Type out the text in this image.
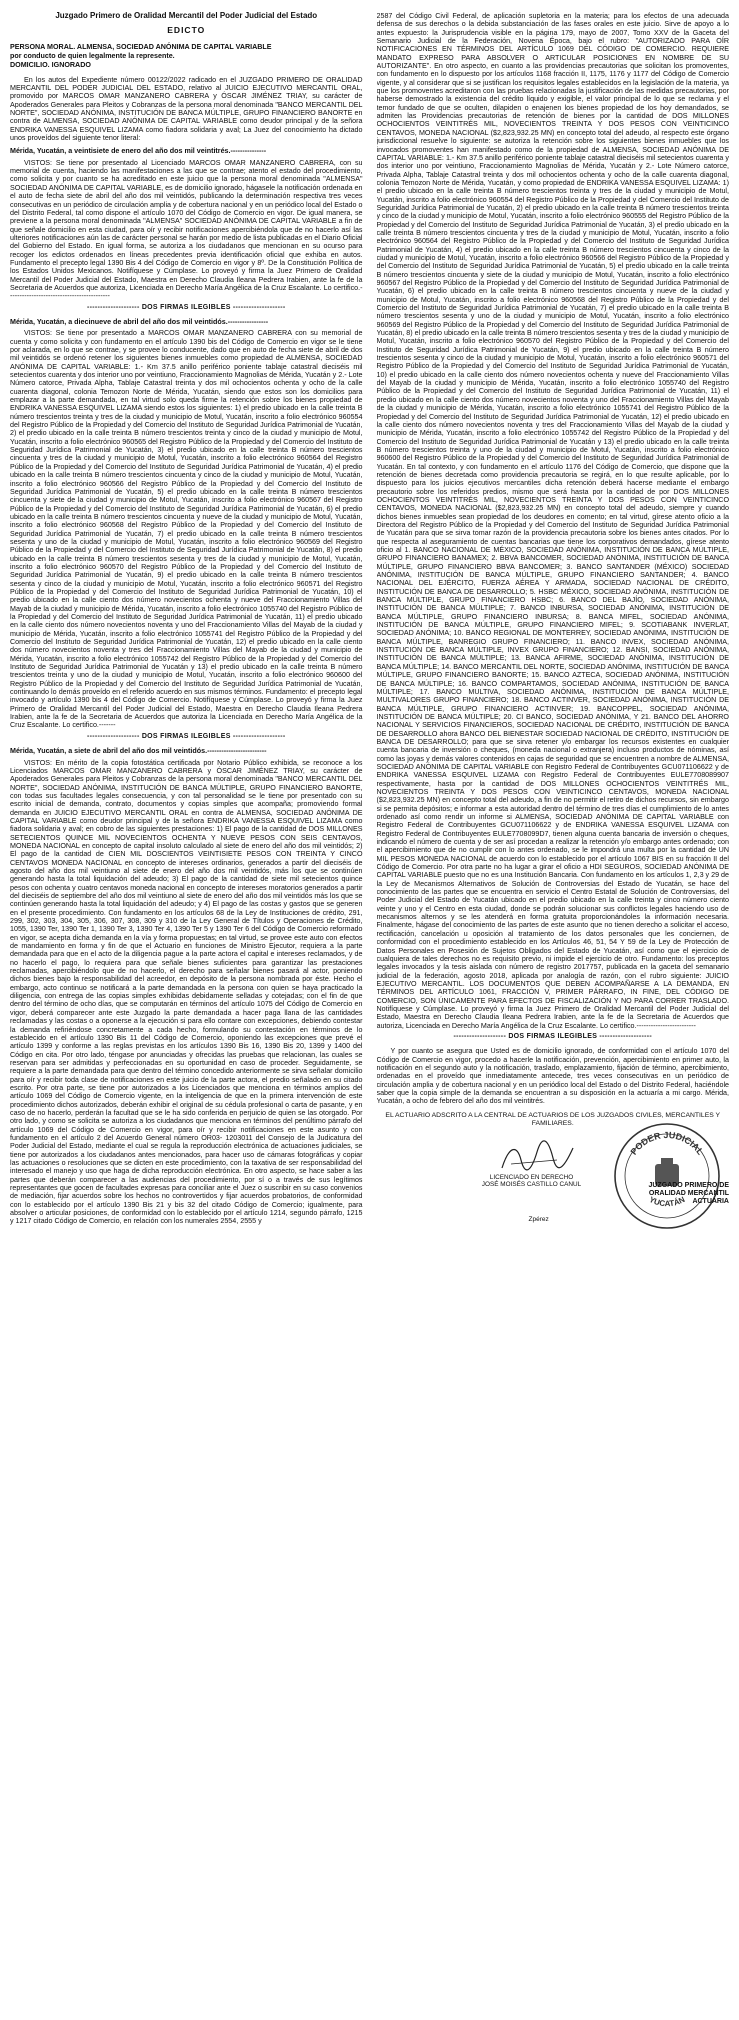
Juzgado Primero de Oralidad Mercantil del Poder Judicial del Estado
EDICTO
PERSONA MORAL. ALMENSA, SOCIEDAD ANÓNIMA DE CAPITAL VARIABLE
por conducto de quien legalmente la represente.
DOMICILIO. IGNORADO

En los autos del Expediente número 00122/2022 radicado en el JUZGADO PRIMERO DE ORALIDAD MERCANTIL DEL PODER JUDICIAL DEL ESTADO, relativo al JUICIO EJECUTIVO MERCANTIL ORAL, promovido por MARCOS OMAR MANZANERO CABRERA y ÓSCAR JIMÉNEZ TRIAY, su carácter de Apoderados Generales para Pleitos y Cobranzas de la persona moral denominada "BANCO MERCANTIL DEL NORTE", SOCIEDAD ANÓNIMA, INSTITUCIÓN DE BANCA MÚLTIPLE, GRUPO FINANCIERO BANORTE en contra de ALMENSA, SOCIEDAD ANÓNIMA DE CAPITAL VARIABLE como deudor principal y de la señora ENDRIKA VANESSA ESQUIVEL LIZAMA como fiadora solidaria y aval; La Juez del conocimiento ha dictado unos proveídos del siguiente tenor literal:

Mérida, Yucatán, a veintisiete de enero del año dos mil veintitrés.---------------

VISTOS: Se tiene por presentado al Licenciado MARCOS OMAR MANZANERO CABRERA, con su memorial de cuenta, haciendo las manifestaciones a las que se contrae; atento el estado del procedimiento, como solicita y por cuanto se ha acreditado en este juicio que la persona moral denominada "ALMENSA" SOCIEDAD ANÓNIMA DE CAPITAL VARIABLE, es de domicilio ignorado, hágasele la notificación ordenada en el auto de fecha siete de abril del año dos mil veintidós, publicando la determinación respectiva tres veces consecutivas en un periódico de circulación amplia y de cobertura nacional y en un periódico local del Estado o del Distrito Federal, tal como dispone el artículo 1070 del Código de Comercio en vigor. De igual manera, se previene a la persona moral denominada "ALMENSA" SOCIEDAD ANÓNIMA DE CAPITAL VARIABLE a fin de que señale domicilio en esta ciudad, para oír y recibir notificaciones apercibiéndola que de no hacerlo así las ulteriores notificaciones aún las de carácter personal se harán por medio de lista publicadas en el Diario Oficial del Gobierno del Estado. En igual forma, se autoriza a los ciudadanos que mencionan en su ocurso para recoger los edictos ordenados en líneas precedentes previa identificación oficial que exhiba en autos. Fundamento el precepto legal 1390 Bis 4 del Código de Comercio en vigor y 8º. De la Constitución Política de los Estados Unidos Mexicanos. Notifíquese y Cúmplase. Lo proveyó y firma la Juez Primero de Oralidad Mercantil del Poder Judicial del Estado, Maestra en Derecho Claudia Ileana Pedrera Irabien, ante la fe de la Secretaria de Acuerdos que autoriza, Licenciada en Derecho María Angélica de la Cruz Escalante. Lo certifico.-------------------------------------------

-------------------- DOS FIRMAS ILEGIBLES --------------------

Mérida, Yucatán, a diecinueve de abril del año dos mil veintidós.-----------------

VISTOS: Se tiene por presentado a MARCOS OMAR MANZANERO CABRERA con su memorial de cuenta y como solicita y con fundamento en el artículo 1390 bis del Código de Comercio en vigor se le tiene por aclarada, en lo que se contrae, y se provee lo conducente, dado que en auto de fecha siete de abril de dos mil veintidós se ordenó retener los siguientes bienes inmuebles como propiedad de ALMENSA, SOCIEDAD ANÓNIMA DE CAPITAL VARIABLE: 1.- Km 37.5 anillo periférico poniente tablaje catastral dieciséis mil setecientos cuarenta y dos interior uno por veintiuno, Fraccionamiento Magnolias de Mérida, Yucatán y 2.- Lote Número catorce, Privada Alpha, Tablaje Catastral treinta y dos mil ochocientos ochenta y ocho de la calle cuarenta diagonal, colonia Temozon Norte de Mérida, Yucatán, siendo que estos son los domicilios para emplazar a la parte demandada, en tal virtud solo queda firme la retención sobre los bienes propiedad de ENDRIKA VANESSA ESQUIVEL LIZAMA siendo estos los siguientes: 1) el predio ubicado en la calle treinta B número trescientos treinta y tres de la ciudad y municipio de Motul, Yucatán, inscrito a folio electrónico 960554 del Registro Público de la Propiedad y del Comercio del Instituto de Seguridad Jurídica Patrimonial de Yucatán, 2) el predio ubicado en la calle treinta B número trescientos treinta y cinco de la ciudad y municipio de Motul, Yucatán, inscrito a folio electrónico 960565 del Registro Público de la Propiedad y del Comercio del Instituto de Seguridad Jurídica Patrimonial de Yucatán, 3) el predio ubicado en la calle treinta B número trescientos cincuenta y tres de la ciudad y municipio de Motul, Yucatán, inscrito a folio electrónico 960564 del Registro Público de la Propiedad y del Comercio del Instituto de Seguridad Jurídica Patrimonial de Yucatán, 4) el predio ubicado en la calle treinta B número trescientos cincuenta y cinco de la ciudad y municipio de Motul, Yucatán, inscrito a folio electrónico 960566 del Registro Público de la Propiedad y del Comercio del Instituto de Seguridad Jurídica Patrimonial de Yucatán, 5) el predio ubicado en la calle treinta B número trescientos cincuenta y siete de la ciudad y municipio de Motul, Yucatán, inscrito a folio electrónico 960567 del Registro Público de la Propiedad y del Comercio del Instituto de Seguridad Jurídica Patrimonial de Yucatán, 6) el predio ubicado en la calle treinta B número trescientos cincuenta y nueve de la ciudad y municipio de Motul, Yucatán, inscrito a folio electrónico 960568 del Registro Público de la Propiedad y del Comercio del Instituto de Seguridad Jurídica Patrimonial de Yucatán, 7) el predio ubicado en la calle treinta B número trescientos sesenta y uno de la ciudad y municipio de Motul, Yucatán, inscrito a folio electrónico 960569 del Registro Público de la Propiedad y del Comercio del Instituto de Seguridad Jurídica Patrimonial de Yucatán, 8) el predio ubicado en la calle treinta B número trescientos sesenta y tres de la ciudad y municipio de Motul, Yucatán, inscrito a folio electrónico 960570 del Registro Público de la Propiedad y del Comercio del Instituto de Seguridad Jurídica Patrimonial de Yucatán, 9) el predio ubicado en la calle treinta B número trescientos sesenta y cinco de la ciudad y municipio de Motul, Yucatán, inscrito a folio electrónico 960571 del Registro Público de la Propiedad y del Comercio del Instituto de Seguridad Jurídica Patrimonial de Yucatán, 10) el predio ubicado en la calle ciento dos número novecientos ochenta y nueve del Fraccionamiento Villas del Mayab de la ciudad y municipio de Mérida, Yucatán, inscrito a folio electrónico 1055740 del Registro Público de la Propiedad y del Comercio del Instituto de Seguridad Jurídica Patrimonial de Yucatán, 11) el predio ubicado en la calle ciento dos número novecientos noventa y uno del Fraccionamiento Villas del Mayab de la ciudad y municipio de Mérida, Yucatán, inscrito a folio electrónico 1055741 del Registro Público de la Propiedad y del Comercio del Instituto de Seguridad Jurídica Patrimonial de Yucatán, 12) el predio ubicado en la calle ciento dos número novecientos noventa y tres del Fraccionamiento Villas del Mayab de la ciudad y municipio de Mérida, Yucatán, inscrito a folio electrónico 1055742 del Registro Público de la Propiedad y del Comercio del Instituto de Seguridad Jurídica Patrimonial de Yucatán y 13) el predio ubicado en la calle treinta B número trescientos treinta y uno de la ciudad y municipio de Motul, Yucatán, inscrito a folio electrónico 960600 del Registro Público de la Propiedad y del Comercio del Instituto de Seguridad Jurídica Patrimonial de Yucatán, continuando lo demás proveído en el referido acuerdo en sus mismos términos. Fundamento: el precepto legal invocado y artículo 1390 bis 4 del Código de Comercio. Notifíquese y Cúmplase. Lo proveyó y firma la Juez Primero de Oralidad Mercantil del Poder Judicial del Estado, Maestra en Derecho Claudia Ileana Pedrera Irabien, ante la fe de la Secretaria de Acuerdos que autoriza la Licenciada en Derecho María Angélica de la Cruz Escalante. Lo certifico.-------

-------------------- DOS FIRMAS ILEGIBLES --------------------

Mérida, Yucatán, a siete de abril del año dos mil veintidós.-------------------------

VISTOS: En mérito de la copia fotostática certificada por Notario Público exhibida, se reconoce a los Licenciados MARCOS OMAR MANZANERO CABRERA y ÓSCAR JIMÉNEZ TRIAY, su carácter de Apoderados Generales para Pleitos y Cobranzas de la persona moral denominada "BANCO MERCANTIL DEL NORTE", SOCIEDAD ANÓNIMA, INSTITUCIÓN DE BANCA MÚLTIPLE, GRUPO FINANCIERO BANORTE, con todas sus facultades legales consecuencia, y con tal personalidad se le tiene por presentado con su escrito inicial de demanda, contrato, documentos y copias simples que acompaña; promoviendo formal demanda en JUICIO EJECUTIVO MERCANTIL ORAL en contra de ALMENSA, SOCIEDAD ANÓNIMA DE CAPITAL VARIABLE como deudor principal y de la señora ENDRIKA VANESSA ESQUIVEL LIZAMA como fiadora solidaria y aval; en cobro de las siguientes prestaciones: 1) El pago de la cantidad de DOS MILLONES SETECIENTOS QUINCE MIL NOVECIENTOS OCHENTA Y NUEVE PESOS CON SEIS CENTAVOS, MONEDA NACIONAL en concepto de capital insoluto calculado al siete de enero del año dos mil veintidós; 2) El pago de la cantidad de CIEN MIL DOSCIENTOS VEINTISIETE PESOS CON TREINTA Y CINCO CENTAVOS MONEDA NACIONAL en concepto de intereses ordinarios, generados a partir del dieciséis de agosto del año dos mil veintiuno al siete de enero del año dos mil veintidós, más los que se continúen generando hasta la total liquidación del adeudo; 3) El pago de la cantidad de siete mil setecientos quince pesos con ochenta y cuatro centavos moneda nacional en concepto de intereses moratorios generados a partir del dieciséis de septiembre del año dos mil veintiuno al siete de enero del año dos mil veintidós más los que se continúen generando hasta la total liquidación del adeudo; y 4) El pago de las costas y gastos que se generen en el presente procedimiento. Con fundamento en los artículos 68 de la Ley de Instituciones de crédito, 291, 299, 302, 303, 304, 305, 306, 307, 308, 309 y 310 de la Ley General de Títulos y Operaciones de Crédito, 1055, 1390 Ter, 1390 Ter 1, 1390 Ter 3, 1390 Ter 4, 1390 Ter 5 y 1390 Ter 6 del Código de Comercio reformado en vigor, se acepta dicha demanda en la vía y forma propuestas; en tal virtud, se provee este auto con efectos de mandamiento en forma y fin de que el Actuario en funciones de Ministro Ejecutor, requiera a la parte demandada para que en el acto de la diligencia pague a la parte actora el capital e intereses reclamados, y de no hacerlo el pago, lo requiera para que señale bienes suficientes para garantizar las prestaciones reclamadas, apercibiéndolo que de no hacerlo, el derecho para señalar bienes pasará al actor, poniendo dichos bienes bajo la responsabilidad del acreedor, en depósito de la persona nombrada por éste. Hecho el embargo, acto continuo se notificará a la parte demandada en la persona con quien se haya practicado la diligencia, con entrega de las copias simples exhibidas debidamente selladas y cotejadas; con el fin de que dentro del término de ocho días, que se computarán en términos del artículo 1075 del Código de Comercio en vigor, deberá comparecer ante este Juzgado la parte demandada a hacer paga llana de las cantidades reclamadas y las costas o a oponerse a la ejecución si para ello contare con excepciones, debiendo contestar la demanda refiriéndose concretamente a cada hecho, formulando su contestación en términos de lo establecido en el artículo 1390 Bis 11 del Código de Comercio, oponiendo las excepciones que prevé el artículo 1399 y conforme a las reglas previstas en los artículos 1390 Bis 16, 1390 Bis 20, 1399 y 1400 del Código en cita. Por otro lado, téngase por anunciadas y ofrecidas las pruebas que relacionan, las cuales se reservan para ser admitidas y perfeccionadas en su oportunidad en caso de proceder. Seguidamente, se requiere a la parte demandada para que dentro del término concedido anteriormente se sirva señalar domicilio para oír y recibir toda clase de notificaciones en este juicio de la parte actora, el predio señalado en su citado escrito. Por otra parte, se tiene por autorizados a los Licenciados que menciona en términos amplios del artículo 1069 del Código de Comercio vigente, en la inteligencia de que en la primera intervención de este procedimiento dichos autorizados, deberán exhibir el original de su cédula profesional o carta de pasante, y en caso de no hacerlo, perderán la facultad que se le ha sido conferida en perjuicio de quien se las otorgado. Por otro lado, y como se solicita se autoriza a los ciudadanos que menciona en términos del penúltimo párrafo del artículo 1069 del Código de Comercio en vigor, para oír y recibir notificaciones en este asunto y con fundamento en el artículo 2 del Acuerdo General número OR03- 1203011 del Consejo de la Judicatura del Poder Judicial del Estado, mediante el cual se regula la reproducción electrónica de actuaciones judiciales, se tiene por autorizados a los ciudadanos antes mencionados, para hacer uso de cámaras fotográficas y copiar las actuaciones o resoluciones que se dicten en este procedimiento, con la taxativa de ser responsabilidad del interesado el manejo y uso que haga de dicha reproducción electrónica. En otro aspecto, se hace saber a las partes que deberán comparecer a las audiencias del procedimiento, por sí o a través de sus legítimos representantes que gocen de facultades expresas para conciliar ante el Juez o suscribir en su caso convenios de mediación, fijar acuerdos sobre los hechos no controvertidos y fijar acuerdos probatorios, de conformidad con lo establecido por el artículo 1390 Bis 21 y bis 32 del citado Código de Comercio; igualmente, para absolver o articular posiciones, de conformidad con lo establecido por el artículo 1214, segundo párrafo, 1215 y 1217 citado Código de Comercio, en relación con los numerales 2554, 2555 y

2587 del Código Civil Federal, de aplicación supletoria en la materia; para los efectos de una adecuada defensa de sus derechos o la debida substanciación de las fases orales en este juicio. Sirve de apoyo a lo antes expuesto: la Jurisprudencia visible en la página 179, mayo de 2007, Tomo XXV de la Gaceta del Semanario Judicial de la Federación, Novena Época, bajo el rubro: "AUTORIZADO PARA OÍR NOTIFICACIONES EN TÉRMINOS DEL ARTÍCULO 1069 DEL CÓDIGO DE COMERCIO. REQUIERE MANDATO EXPRESO PARA ABSOLVER O ARTICULAR POSICIONES EN NOMBRE DE SU AUTORIZANTE". En otro aspecto, en cuanto a las providencias precautorias que solicitan los promoventes, con fundamento en lo dispuesto por los artículos 1168 fracción II, 1175, 1176 y 1177 del Código de Comercio vigente, y al considerar que si se justifican los requisitos legales establecidos en la legislación de la materia, ya que los promoventes acreditaron con las pruebas relacionadas la justificación de las medidas precautorias, por haberse demostrado la existencia del crédito líquido y exigible, el valor principal de lo que se reclama y el temor fundado de que se oculten, dilapiden o enajenen los bienes propiedad de los hoy demandados, se admiten las Providencias precautorias de retención de bienes por la cantidad de DOS MILLONES OCHOCIENTOS VEINTITRÉS MIL, NOVECIENTOS TREINTA Y DOS PESOS CON VEINTICINCO CENTAVOS, MONEDA NACIONAL ($2,823,932.25 MN) en concepto total del adeudo, al respecto este órgano jurisdiccional resuelve lo siguiente: se autoriza la retención sobre los siguientes bienes inmuebles que los invocados promoventes han manifestado como de la propiedad de ALMENSA, SOCIEDAD ANÓNIMA DE CAPITAL VARIABLE: 1.- Km 37.5 anillo periférico poniente tablaje catastral dieciséis mil setecientos cuarenta y dos interior uno por veintiuno, Fraccionamiento Magnolias de Mérida, Yucatán y 2.- Lote Número catorce, Privada Alpha, Tablaje Catastral treinta y dos mil ochocientos ochenta y ocho de la calle cuarenta diagonal, colonia Temozon Norte de Mérida, Yucatán, y como propiedad de ENDRIKA VANESSA ESQUIVEL LIZAMA: 1) el predio ubicado en la calle treinta B número trescientos treinta y tres de la ciudad y municipio de Motul, Yucatán, inscrito a folio electrónico 960554 del Registro Público de la Propiedad y del Comercio del Instituto de Seguridad Jurídica Patrimonial de Yucatán, 2) el predio ubicado en la calle treinta B número trescientos treinta y cinco de la ciudad y municipio de Motul, Yucatán, inscrito a folio electrónico 960555 del Registro Público de la Propiedad y del Comercio del Instituto de Seguridad Jurídica Patrimonial de Yucatán, 3) el predio ubicado en la calle treinta B número trescientos cincuenta y tres de la ciudad y municipio de Motul, Yucatán, inscrito a folio electrónico 960564 del Registro Público de la Propiedad y del Comercio del Instituto de Seguridad Jurídica Patrimonial de Yucatán, 4) el predio ubicado en la calle treinta B número trescientos cincuenta y cinco de la ciudad y municipio de Motul, Yucatán, inscrito a folio electrónico 960566 del Registro Público de la Propiedad y del Comercio del Instituto de Seguridad Jurídica Patrimonial de Yucatán, 5) el predio ubicado en la calle treinta B número trescientos cincuenta y siete de la ciudad y municipio de Motul, Yucatán, inscrito a folio electrónico 960567 del Registro Público de la Propiedad y del Comercio del Instituto de Seguridad Jurídica Patrimonial de Yucatán, 6) el predio ubicado en la calle treinta B número trescientos cincuenta y nueve de la ciudad y municipio de Motul, Yucatán, inscrito a folio electrónico 960568 del Registro Público de la Propiedad y del Comercio del Instituto de Seguridad Jurídica Patrimonial de Yucatán, 7) el predio ubicado en la calle treinta B número trescientos sesenta y uno de la ciudad y municipio de Motul, Yucatán, inscrito a folio electrónico 960569 del Registro Público de la Propiedad y del Comercio del Instituto de Seguridad Jurídica Patrimonial de Yucatán, 8) el predio ubicado en la calle treinta B número trescientos sesenta y tres de la ciudad y municipio de Motul, Yucatán, inscrito a folio electrónico 960570 del Registro Público de la Propiedad y del Comercio del Instituto de Seguridad Jurídica Patrimonial de Yucatán, 9) el predio ubicado en la calle treinta B número trescientos sesenta y cinco de la ciudad y municipio de Motul, Yucatán, inscrito a folio electrónico 960571 del Registro Público de la Propiedad y del Comercio del Instituto de Seguridad Jurídica Patrimonial de Yucatán, 10) el predio ubicado en la calle ciento dos número novecientos ochenta y nueve del Fraccionamiento Villas del Mayab de la ciudad y municipio de Mérida, Yucatán, inscrito a folio electrónico 1055740 del Registro Público de la Propiedad y del Comercio del Instituto de Seguridad Jurídica Patrimonial de Yucatán, 11) el predio ubicado en la calle ciento dos número novecientos noventa y uno del Fraccionamiento Villas del Mayab de la ciudad y municipio de Mérida, Yucatán, inscrito a folio electrónico 1055741 del Registro Público de la Propiedad y del Comercio del Instituto de Seguridad Jurídica Patrimonial de Yucatán, 12) el predio ubicado en la calle ciento dos número novecientos noventa y tres del Fraccionamiento Villas del Mayab de la ciudad y municipio de Mérida, Yucatán, inscrito a folio electrónico 1055742 del Registro Público de la Propiedad y del Comercio del Instituto de Seguridad Jurídica Patrimonial de Yucatán y 13) el predio ubicado en la calle treinta B número trescientos treinta y uno de la ciudad y municipio de Motul, Yucatán, inscrito a folio electrónico 960600 del Registro Público de la Propiedad y del Comercio del Instituto de Seguridad Jurídica Patrimonial de Yucatán. En tal contexto, y con fundamento en el artículo 1176 del Código de Comercio, que dispone que la retención de bienes decretada como providencia precautoria se regirá, en lo que resulte aplicable, por lo dispuesto para los juicios ejecutivos mercantiles dicha retención deberá hacerse mediante el embargo precautorio sobre los referidos predios, mismo que será hasta por la cantidad de por DOS MILLONES OCHOCIENTOS VEINTITRÉS MIL, NOVECIENTOS TREINTA Y DOS PESOS CON VEINTICINCO CENTAVOS, MONEDA NACIONAL ($2,823,932.25 MN) en concepto total del adeudo, siempre y cuando dichos bienes inmuebles sean propiedad de los deudores en comento; en tal virtud, gírese atento oficio a la Directora del Registro Público de la Propiedad y del Comercio del Instituto de Seguridad Jurídica Patrimonial de Yucatán para que se sirva tomar razón de la providencia precautoria sobre los bienes antes citados. Por lo que respecta al aseguramiento de cuentas bancarias que tiene los corporativos demandados, gírese atento oficio al 1. BANCO NACIONAL DE MÉXICO, SOCIEDAD ANÓNIMA, INSTITUCIÓN DE BANCA MÚLTIPLE, GRUPO FINANCIERO BANAMEX; 2. BBVA BANCOMER, SOCIEDAD ANÓNIMA, INSTITUCIÓN DE BANCA MÚLTIPLE, GRUPO FINANCIERO BBVA BANCOMER; 3. BANCO SANTANDER (MÉXICO) SOCIEDAD ANÓNIMA, INSTITUCIÓN DE BANCA MÚLTIPLE, GRUPO FINANCIERO SANTANDER; 4. BANCO NACIONAL DEL EJÉRCITO, FUERZA AÉREA Y ARMADA, SOCIEDAD NACIONAL DE CRÉDITO, INSTITUCIÓN DE BANCA DE DESARROLLO; 5. HSBC MÉXICO, SOCIEDAD ANÓNIMA, INSTITUCIÓN DE BANCA MÚLTIPLE, GRUPO FINANCIERO HSBC; 6. BANCO DEL BAJÍO, SOCIEDAD ANÓNIMA, INSTITUCIÓN DE BANCA MÚLTIPLE; 7. BANCO INBURSA, SOCIEDAD ANÓNIMA, INSTITUCIÓN DE BANCA MÚLTIPLE, GRUPO FINANCIERO INBURSA; 8. BANCA MIFEL, SOCIEDAD ANÓNIMA, INSTITUCIÓN DE BANCA MÚLTIPLE, GRUPO FINANCIERO MIFEL; 9. SCOTIABANK INVERLAT, SOCIEDAD ANÓNIMA; 10. BANCO REGIONAL DE MONTERREY, SOCIEDAD ANÓNIMA, INSTITUCIÓN DE BANCA MÚLTIPLE, BANREGIO GRUPO FINANCIERO; 11. BANCO INVEX, SOCIEDAD ANÓNIMA, INSTITUCIÓN DE BANCA MÚLTIPLE, INVEX GRUPO FINANCIERO; 12. BANSI, SOCIEDAD ANÓNIMA, INSTITUCIÓN DE BANCA MÚLTIPLE; 13. BANCA AFIRME, SOCIEDAD ANÓNIMA, INSTITUCIÓN DE BANCA MÚLTIPLE; 14. BANCO MERCANTIL DEL NORTE, SOCIEDAD ANÓNIMA, INSTITUCIÓN DE BANCA MÚLTIPLE, GRUPO FINANCIERO BANORTE; 15. BANCO AZTECA, SOCIEDAD ANÓNIMA, INSTITUCIÓN DE BANCA MÚLTIPLE; 16. BANCO COMPARTAMOS, SOCIEDAD ANÓNIMA, INSTITUCIÓN DE BANCA MÚLTIPLE; 17. BANCO MULTIVA, SOCIEDAD ANÓNIMA, INSTITUCIÓN DE BANCA MÚLTIPLE, MULTIVALORES GRUPO FINANCIERO; 18. BANCO ACTINVER, SOCIEDAD ANÓNIMA, INSTITUCIÓN DE BANCA MÚLTIPLE, GRUPO FINANCIERO ACTINVER; 19. BANCOPPEL, SOCIEDAD ANÓNIMA, INSTITUCIÓN DE BANCA MÚLTIPLE; 20. CI BANCO, SOCIEDAD ANÓNIMA, Y 21. BANCO DEL AHORRO NACIONAL Y SERVICIOS FINANCIEROS, SOCIEDAD NACIONAL DE CRÉDITO, INSTITUCIÓN DE BANCA DE DESARROLLO ahora BANCO DEL BIENESTAR SOCIEDAD NACIONAL DE CRÉDITO, INSTITUCIÓN DE BANCA DE DESARROLLO; para que se sirva retener y/o embargar los recursos existentes en cualquier cuenta bancaria de inversión o cheques, (moneda nacional o extranjera) incluso productos de nóminas, así como las joyas y demás valores contenidos en cajas de seguridad que se encuentren a nombre de ALMENSA, SOCIEDAD ANÓNIMA DE CAPITAL VARIABLE con Registro Federal de Contribuyentes GCU071106622 y de ENDRIKA VANESSA ESQUIVEL LIZAMA con Registro Federal de Contribuyentes EULE7708089907 respectivamente, hasta por la cantidad de DOS MILLONES OCHOCIENTOS VEINTITRÉS MIL, NOVECIENTOS TREINTA Y DOS PESOS CON VEINTICINCO CENTAVOS, MONEDA NACIONAL ($2,823,932.25 MN) en concepto total del adeudo, a fin de no permitir el retiro de dichos recursos, sin embargo si se permita depósitos; e informar a esta autoridad dentro del término de tres días el cumplimiento de lo antes ordenado así como rendir un informe si ALMENSA, SOCIEDAD ANÓNIMA DE CAPITAL VARIABLE con Registro Federal de Contribuyentes GCU071106622 y de ENDRIKA VANESSA ESQUIVEL LIZAMA con Registro Federal de Contribuyentes EULE7708099D7, tienen alguna cuenta bancaria de inversión o cheques, indicando el número de cuenta y de ser así procedan a realizar la retención y/o embargo antes ordenado; con el apercibimiento que de no cumplir con lo antes ordenado, se le impondrá una multa por la cantidad de UN MIL PESOS MONEDA NACIONAL de acuerdo con lo establecido por el artículo 1067 BIS en su fracción II del Código de Comercio. Por otra parte no ha lugar a girar el oficio a HDI SEGUROS, SOCIEDAD ANÓNIMA DE CAPITAL VARIABLE puesto que no es una Institución Bancaria. Con fundamento en los artículos 1, 2,3 y 29 de la Ley de Mecanismos Alternativos de Solución de Controversias del Estado de Yucatán, se hace del conocimiento de las partes que se encuentra en servicio el Centro Estatal de Solución de Controversias, del Poder Judicial del Estado de Yucatán ubicado en el predio ubicado en la calle treinta y cinco número ciento veinte y uno y el Centro en esta ciudad, donde se podrán solucionar sus conflictos legales haciendo uso de mecanismos alternos y se les atenderá en forma gratuita proporcionándoles la información necesaria. Finalmente, hágase del conocimiento de las partes de este asunto que no tienen derecho a solicitar el acceso, rectificación, cancelación u oposición al tratamiento de los datos personales que les conciernen, de conformidad con el procedimiento establecido en los Artículos 46, 51, 54 Y 59 de la Ley de Protección de Datos Personales en Posesión de Sujetos Obligados del Estado de Yucatán, así como que el ejercicio de cualquiera de tales derechos no es requisito previo, ni impide el ejercicio de otro. Fundamento: los preceptos legales invocados y la tesis aislada con número de registro 2017757, publicada en la gaceta del semanario judicial de la federación, agosto 2018, aplicada por analogía de razón, con el rubro siguiente: JUICIO EJECUTIVO MERCANTIL. LOS DOCUMENTOS QUE DEBEN ACOMPAÑARSE A LA DEMANDA, EN TÉRMINOS DEL ARTÍCULO 1061, FRACCIÓN V, PRIMER PÁRRAFO, IN FINE, DEL CÓDIGO DE COMERCIO, SON ÚNICAMENTE PARA EFECTOS DE FISCALIZACIÓN Y NO PARA CORRER TRASLADO. Notifíquese y Cúmplase. Lo proveyó y firma la Juez Primero de Oralidad Mercantil del Poder Judicial del Estado, Maestra en Derecho Claudia Ileana Pedrera Irabien, ante la fe de la Secretaria de Acuerdos que autoriza, Licenciada en Derecho María Angélica de la Cruz Escalante. Lo certifico.-------------------------

-------------------- DOS FIRMAS ILEGIBLES --------------------

Y por cuanto se asegura que Usted es de domicilio ignorado, de conformidad con el artículo 1070 del Código de Comercio en vigor, procedo a hacerle la notificación, prevención, apercibimiento en primer auto, la notificación en el segundo auto y la notificación, traslado, emplazamiento, fijación de término, apercibimiento, ordenadas en el proveído que inmediatamente antecede, tres veces consecutivas en un periódico de circulación amplia y de cobertura nacional y en un periódico local del Estado o del Distrito Federal, haciéndole saber que la copia simple de la demanda se encuentran a su disposición en la actuaría a mi cargo. Mérida, Yucatán, a ocho de febrero del año dos mil veintitrés.

EL ACTUARIO ADSCRITO A LA CENTRAL DE ACTUARIOS DE LOS JUZGADOS CIVILES, MERCANTILES Y FAMILIARES.
LICENCIADO EN DERECHO
JOSÉ MOISÉS CASTILLO CANUL
PODER JUDICIAL
YUCATÁN
JUZGADO PRIMERO DE
ORALIDAD MERCANTIL
ACTUARIA
Zpérez
